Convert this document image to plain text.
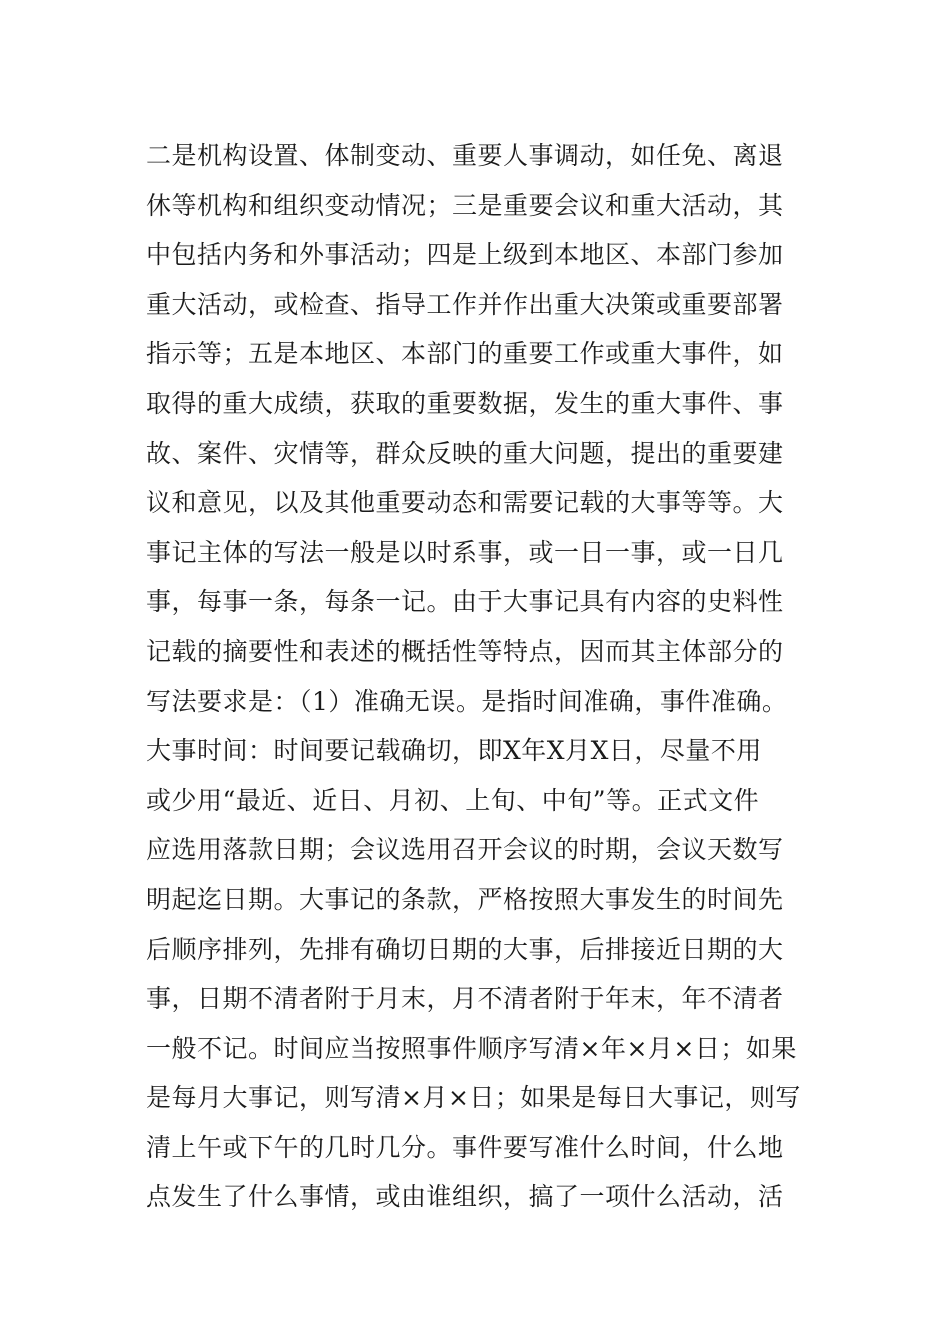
二是机构设置、体制变动、重要人事调动，如任免、离退
休等机构和组织变动情况；三是重要会议和重大活动，其
中包括内务和外事活动；四是上级到本地区、本部门参加
重大活动，或检查、指导工作并作出重大决策或重要部署
指示等；五是本地区、本部门的重要工作或重大事件，如
取得的重大成绩，获取的重要数据，发生的重大事件、事
故、案件、灾情等，群众反映的重大问题，提出的重要建
议和意见，以及其他重要动态和需要记载的大事等等。大
事记主体的写法一般是以时系事，或一日一事，或一日几
事，每事一条，每条一记。由于大事记具有内容的史料性
记载的摘要性和表述的概括性等特点，因而其主体部分的
写法要求是：（1）准确无误。是指时间准确，事件准确。
大事时间：时间要记载确切，即X年X月X日，尽量不用
或少用“最近、近日、月初、上旬、中旬”等。正式文件
应选用落款日期；会议选用召开会议的时期，会议天数写
明起迄日期。大事记的条款，严格按照大事发生的时间先
后顺序排列，先排有确切日期的大事，后排接近日期的大
事，日期不清者附于月末，月不清者附于年末，年不清者
一般不记。时间应当按照事件顺序写清×年×月×日；如果
是每月大事记，则写清×月×日；如果是每日大事记，则写
清上午或下午的几时几分。事件要写准什么时间，什么地
点发生了什么事情，或由谁组织，搞了一项什么活动，活
